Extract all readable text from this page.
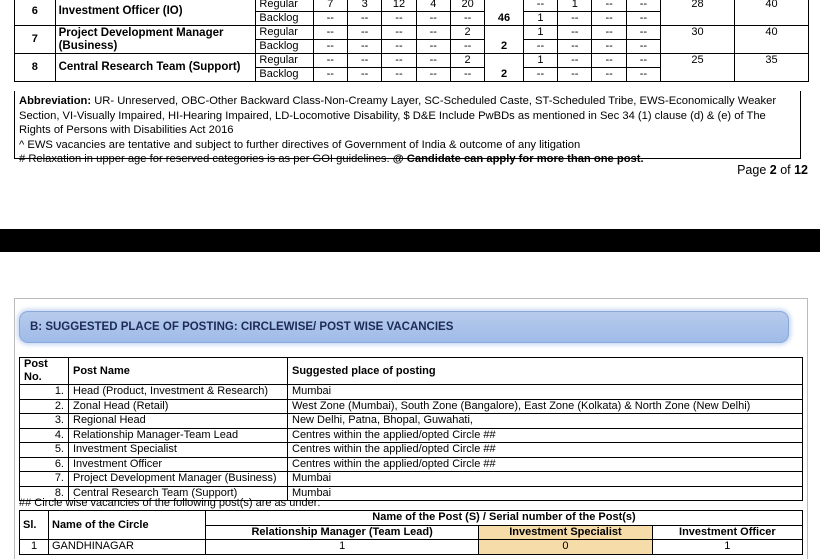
6	Investment Officer (IO)	Regular	7	3	12	4	20	46	--	1	--	--	28	40
		Backlog	--	--	--	--	--		1	--	--	--		
7	Project Development Manager (Business)	Regular	--	--	--	--	2	2	1	--	--	--	30	40
		Backlog	--	--	--	--	--		--	--	--	--		
8	Central Research Team (Support)	Regular	--	--	--	--	2	2	1	--	--	--	25	35
		Backlog	--	--	--	--	--		--	--	--	--		
Abbreviation: UR- Unreserved, OBC-Other Backward Class-Non-Creamy Layer, SC-Scheduled Caste, ST-Scheduled Tribe, EWS-Economically Weaker Section, VI-Visually Impaired, HI-Hearing Impaired, LD-Locomotive Disability, $ D&E Include PwBDs as mentioned in Sec 34 (1) clause (d) & (e) of The Rights of Persons with Disabilities Act 2016
^ EWS vacancies are tentative and subject to further directives of Government of India & outcome of any litigation
# Relaxation in upper age for reserved categories is as per GOI guidelines. @ Candidate can apply for more than one post.
Page 2 of 12
B: SUGGESTED PLACE OF POSTING: CIRCLEWISE/ POST WISE VACANCIES
Post No.	Post Name	Suggested place of posting
1.	Head (Product, Investment & Research)	Mumbai
2.	Zonal Head (Retail)	West Zone (Mumbai), South Zone (Bangalore), East Zone (Kolkata) & North Zone (New Delhi)
3.	Regional Head	New Delhi, Patna, Bhopal, Guwahati,
4.	Relationship Manager-Team Lead	Centres within the applied/opted Circle ##
5.	Investment Specialist	Centres within the applied/opted Circle ##
6.	Investment Officer	Centres within the applied/opted Circle ##
7.	Project Development Manager (Business)	Mumbai
8.	Central Research Team (Support)	Mumbai
## Circle wise vacancies of the following post(s) are as under:
Sl.	Name of the Circle	Name of the Post (S) / Serial number of the Post(s)		
		Relationship Manager (Team Lead)	Investment Specialist	Investment Officer
1	GANDHINAGAR	1	0	1
